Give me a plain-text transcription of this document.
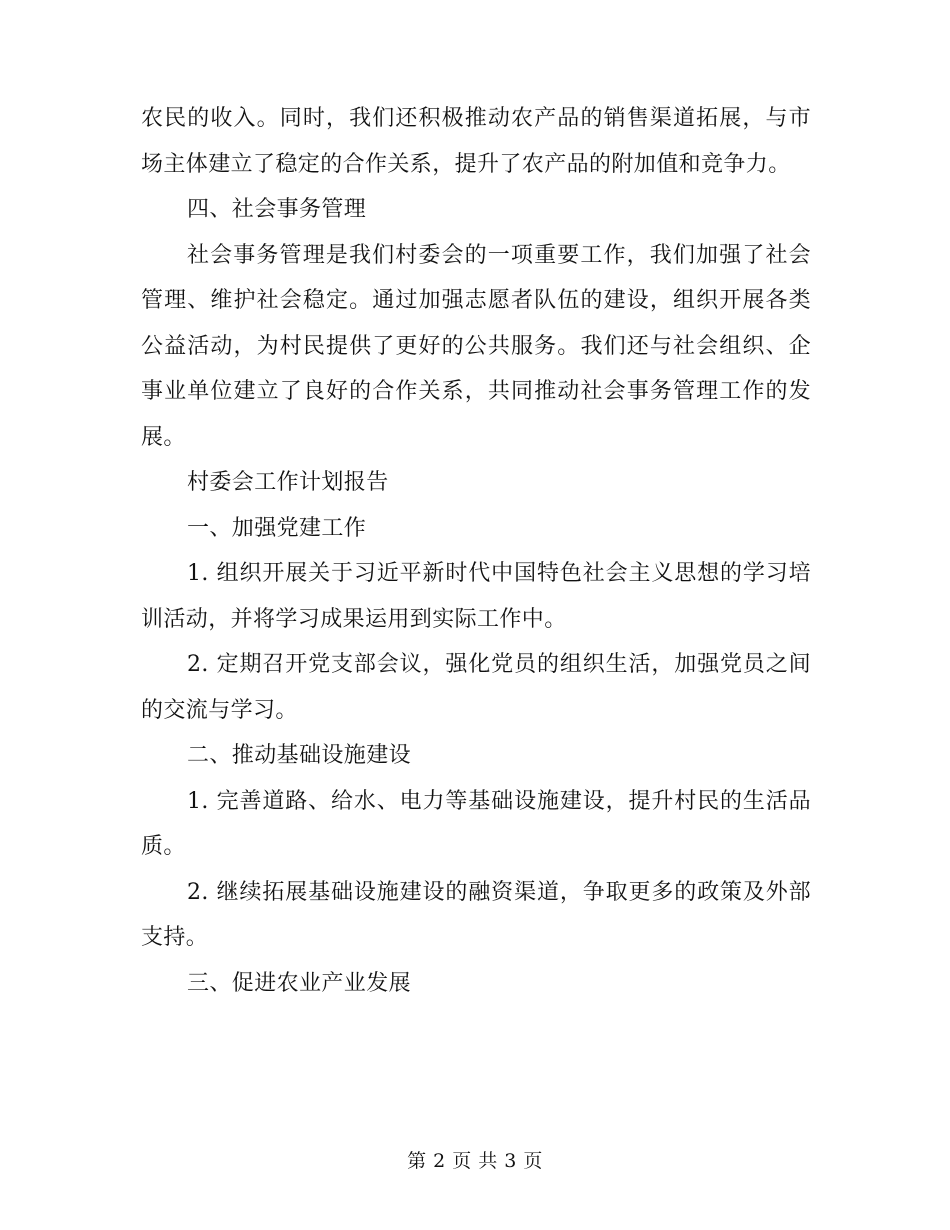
农民的收入。同时，我们还积极推动农产品的销售渠道拓展，与市场主体建立了稳定的合作关系，提升了农产品的附加值和竞争力。

四、社会事务管理

社会事务管理是我们村委会的一项重要工作，我们加强了社会管理、维护社会稳定。通过加强志愿者队伍的建设，组织开展各类公益活动，为村民提供了更好的公共服务。我们还与社会组织、企事业单位建立了良好的合作关系，共同推动社会事务管理工作的发展。

村委会工作计划报告

一、加强党建工作

1. 组织开展关于习近平新时代中国特色社会主义思想的学习培训活动，并将学习成果运用到实际工作中。

2. 定期召开党支部会议，强化党员的组织生活，加强党员之间的交流与学习。

二、推动基础设施建设

1. 完善道路、给水、电力等基础设施建设，提升村民的生活品质。

2. 继续拓展基础设施建设的融资渠道，争取更多的政策及外部支持。

三、促进农业产业发展

第 2 页 共 3 页
